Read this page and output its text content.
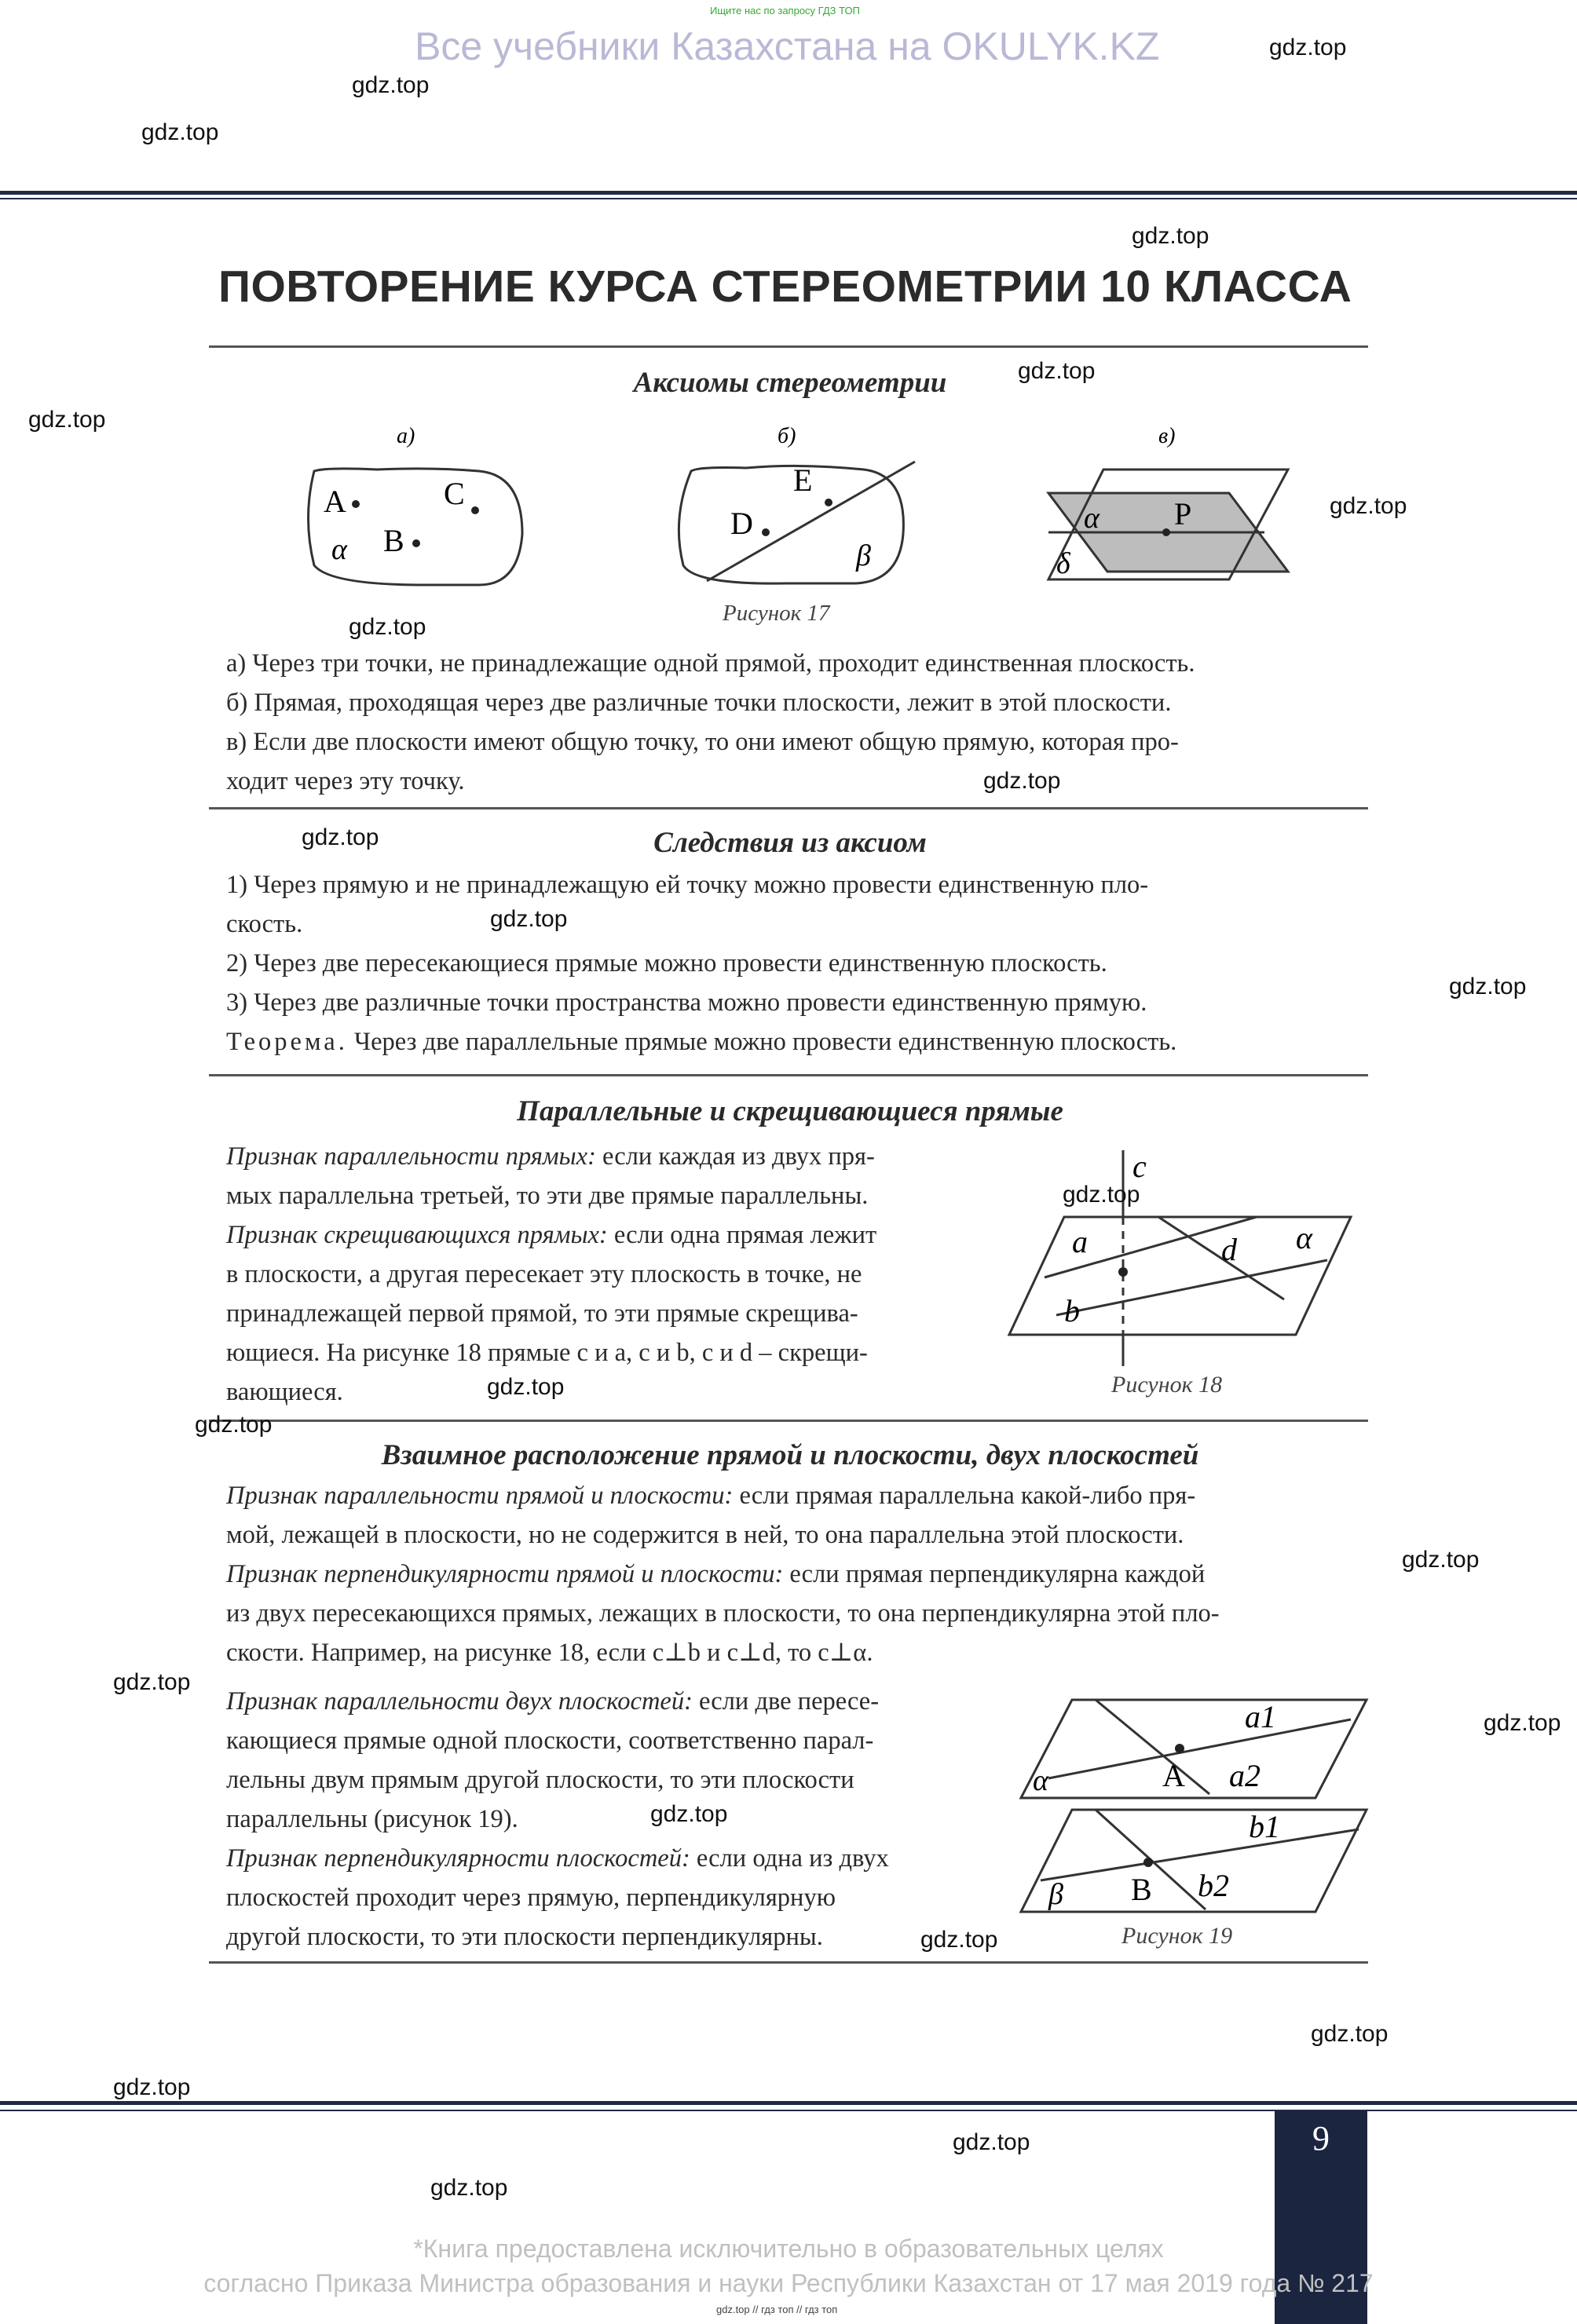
Ищите нас по запросу ГДЗ ТОП
Все учебники Казахстана на OKULYK.KZ
ПОВТОРЕНИЕ КУРСА СТЕРЕОМЕТРИИ 10 КЛАССА
Аксиомы стереометрии
а)	б)	в)
A	C
B
α
D
E
β
α P
δ
Рисунок 17

а) Через три точки, не принадлежащие одной прямой, проходит единственная плоскость.

б) Прямая, проходящая через две различные точки плоскости, лежит в этой плоскости.

в) Если две плоскости имеют общую точку, то они имеют общую прямую, которая про-

ходит через эту точку.

Следствия из аксиом

1) Через прямую и не принадлежащую ей точку можно провести единственную пло-

скость.

2) Через две пересекающиеся прямые можно провести единственную плоскость.

3) Через две различные точки пространства можно провести единственную прямую.

Теорема. Через две параллельные прямые можно провести единственную плоскость.

Параллельные и скрещивающиеся прямые

Признак параллельности прямых: если каждая из двух пря-

мых параллельна третьей, то эти две прямые параллельны.

Признак скрещивающихся прямых: если одна прямая лежит

в плоскости, а другая пересекает эту плоскость в точке, не

принадлежащей первой прямой, то эти прямые скрещива-

ющиеся. На рисунке 18 прямые c и a, c и b, c и d – скрещи-

вающиеся.

c
a	d α
b
Рисунок 18
Взаимное расположение прямой и плоскости, двух плоскостей

Признак параллельности прямой и плоскости: если прямая параллельна какой-либо пря-

мой, лежащей в плоскости, но не содержится в ней, то она параллельна этой плоскости.

Признак перпендикулярности прямой и плоскости: если прямая перпендикулярна каждой

из двух пересекающихся прямых, лежащих в плоскости, то она перпендикулярна этой пло-

скости. Например, на рисунке 18, если c⊥b и c⊥d, то c⊥α.

Признак параллельности двух плоскостей: если две пересе-

кающиеся прямые одной плоскости, соответственно парал-

лельны двум прямым другой плоскости, то эти плоскости

параллельны (рисунок 19).

Признак перпендикулярности плоскостей: если одна из двух

плоскостей проходит через прямую, перпендикулярную

другой плоскости, то эти плоскости перпендикулярны.

a1
A a2
α
b1
B b2
β
Рисунок 19
9
*Книга предоставлена исключительно в образовательных целях
согласно Приказа Министра образования и науки Республики Казахстан от 17 мая 2019 года № 217
gdz.top // гдз топ // гдз топ
gdz.top
gdz.top
gdz.top
gdz.top
gdz.top
gdz.top
gdz.top
gdz.top
gdz.top
gdz.top
gdz.top
gdz.top
gdz.top
gdz.top
gdz.top
gdz.top
gdz.top
gdz.top
gdz.top
gdz.top
gdz.top
gdz.top
gdz.top
gdz.top
